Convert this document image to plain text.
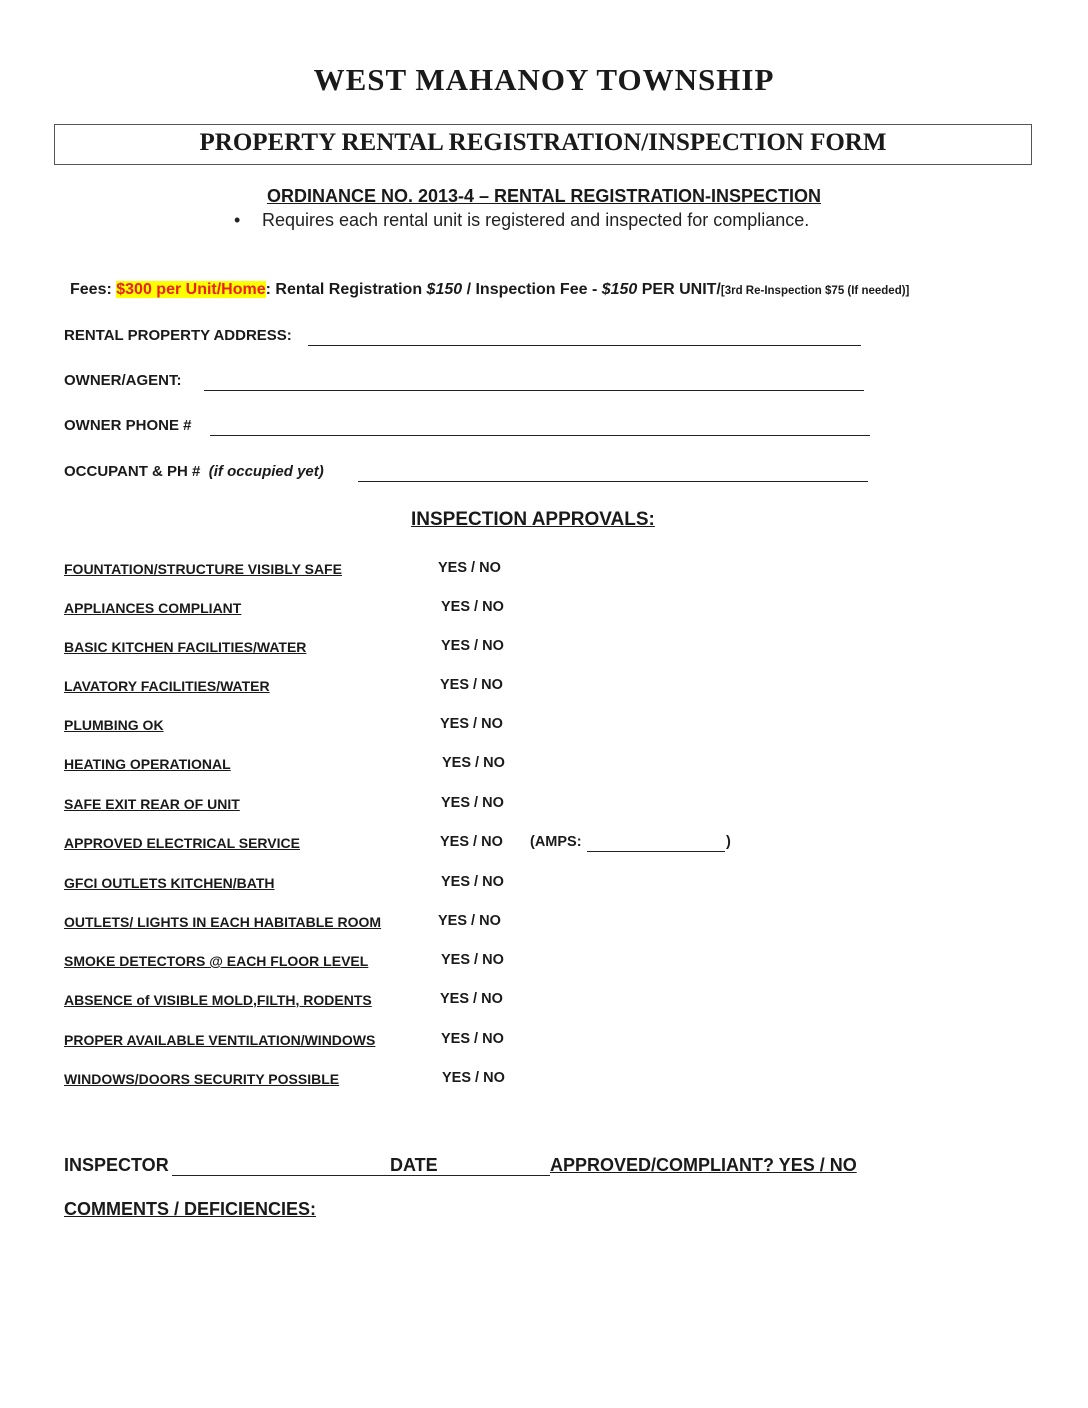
WEST MAHANOY TOWNSHIP
PROPERTY RENTAL REGISTRATION/INSPECTION FORM
ORDINANCE NO. 2013-4 – RENTAL REGISTRATION-INSPECTION
• Requires each rental unit is registered and inspected for compliance.
Fees: $300 per Unit/Home: Rental Registration $150 / Inspection Fee - $150 PER UNIT/[3rd Re-Inspection $75 (If needed)]
RENTAL PROPERTY ADDRESS:
OWNER/AGENT:
OWNER PHONE #
OCCUPANT & PH # (if occupied yet)
INSPECTION APPROVALS:
FOUNTATION/STRUCTURE VISIBLY SAFE	YES / NO
APPLIANCES COMPLIANT	YES / NO
BASIC KITCHEN FACILITIES/WATER	YES / NO
LAVATORY FACILITIES/WATER	YES / NO
PLUMBING OK	YES / NO
HEATING OPERATIONAL	YES / NO
SAFE EXIT REAR OF UNIT	YES / NO
APPROVED ELECTRICAL SERVICE	YES / NO (AMPS:	)
GFCI OUTLETS KITCHEN/BATH	YES / NO
OUTLETS/ LIGHTS IN EACH HABITABLE ROOM	YES / NO
SMOKE DETECTORS @ EACH FLOOR LEVEL	YES / NO
ABSENCE of VISIBLE MOLD,FILTH, RODENTS	YES / NO
PROPER AVAILABLE VENTILATION/WINDOWS	YES / NO
WINDOWS/DOORS SECURITY POSSIBLE	YES / NO
INSPECTOR	DATE	APPROVED/COMPLIANT? YES / NO
COMMENTS / DEFICIENCIES:
